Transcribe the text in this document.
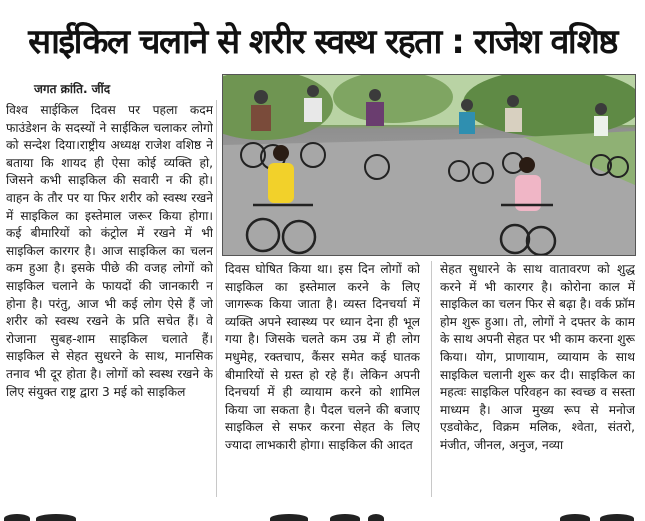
साईकिल चलाने से शरीर स्वस्थ रहता : राजेश वशिष्ठ
जगत क्रांति. जींद
विश्व साईकिल दिवस पर पहला कदम फाउंडेशन के सदस्यों ने साईकिल चलाकर लोगो को सन्देश दिया।राष्ट्रीय अध्यक्ष राजेश वशिष्ठ ने बताया कि शायद ही ऐसा कोई व्यक्ति हो, जिसने कभी साइकिल की सवारी न की हो। वाहन के तौर पर या फिर शरीर को स्वस्थ रखने में साइकिल का इस्तेमाल जरूर किया होगा। कई बीमारियों को कंट्रोल में रखने में भी साइकिल कारगर है। आज साइकिल का चलन कम हुआ है। इसके पीछे की वजह लोगों को साइकिल चलाने के फायदों की जानकारी न होना है। परंतु, आज भी कई लोग ऐसे हैं जो शरीर को स्वस्थ रखने के प्रति सचेत हैं। वे रोजाना सुबह-शाम साइकिल चलाते हैं। साइकिल से सेहत सुधरने के साथ, मानसिक तनाव भी दूर होता है। लोगों को स्वस्थ रखने के लिए संयुक्त राष्ट्र द्वारा 3 मई को साइकिल
दिवस घोषित किया था। इस दिन लोगों को साइकिल का इस्तेमाल करने के लिए जागरूक किया जाता है। व्यस्त दिनचर्या में व्यक्ति अपने स्वास्थ्य पर ध्यान देना ही भूल गया है। जिसके चलते कम उम्र में ही लोग मधुमेह, रक्तचाप, कैंसर समेत कई घातक बीमारियों से ग्रस्त हो रहे हैं। लेकिन अपनी दिनचर्या में ही व्यायाम करने को शामिल किया जा सकता है। पैदल चलने की बजाए साइकिल से सफर करना सेहत के लिए ज्यादा लाभकारी होगा। साइकिल की आदत
सेहत सुधारने के साथ वातावरण को शुद्ध करने में भी कारगर है। कोरोना काल में साइकिल का चलन फिर से बढ़ा है। वर्क फ्रॉम होम शुरू हुआ। तो, लोगों ने दफ्तर के काम के साथ अपनी सेहत पर भी काम करना शुरू किया। योग, प्राणायाम, व्यायाम के साथ साइकिल चलानी शुरू कर दी। साइकिल का महत्वः साइकिल परिवहन का स्वच्छ व सस्ता माध्यम है। आज मुख्य रूप से मनोज एडवोकेट, विक्रम मलिक, श्वेता, संतरो, मंजीत, जीनल, अनुज, नव्या
